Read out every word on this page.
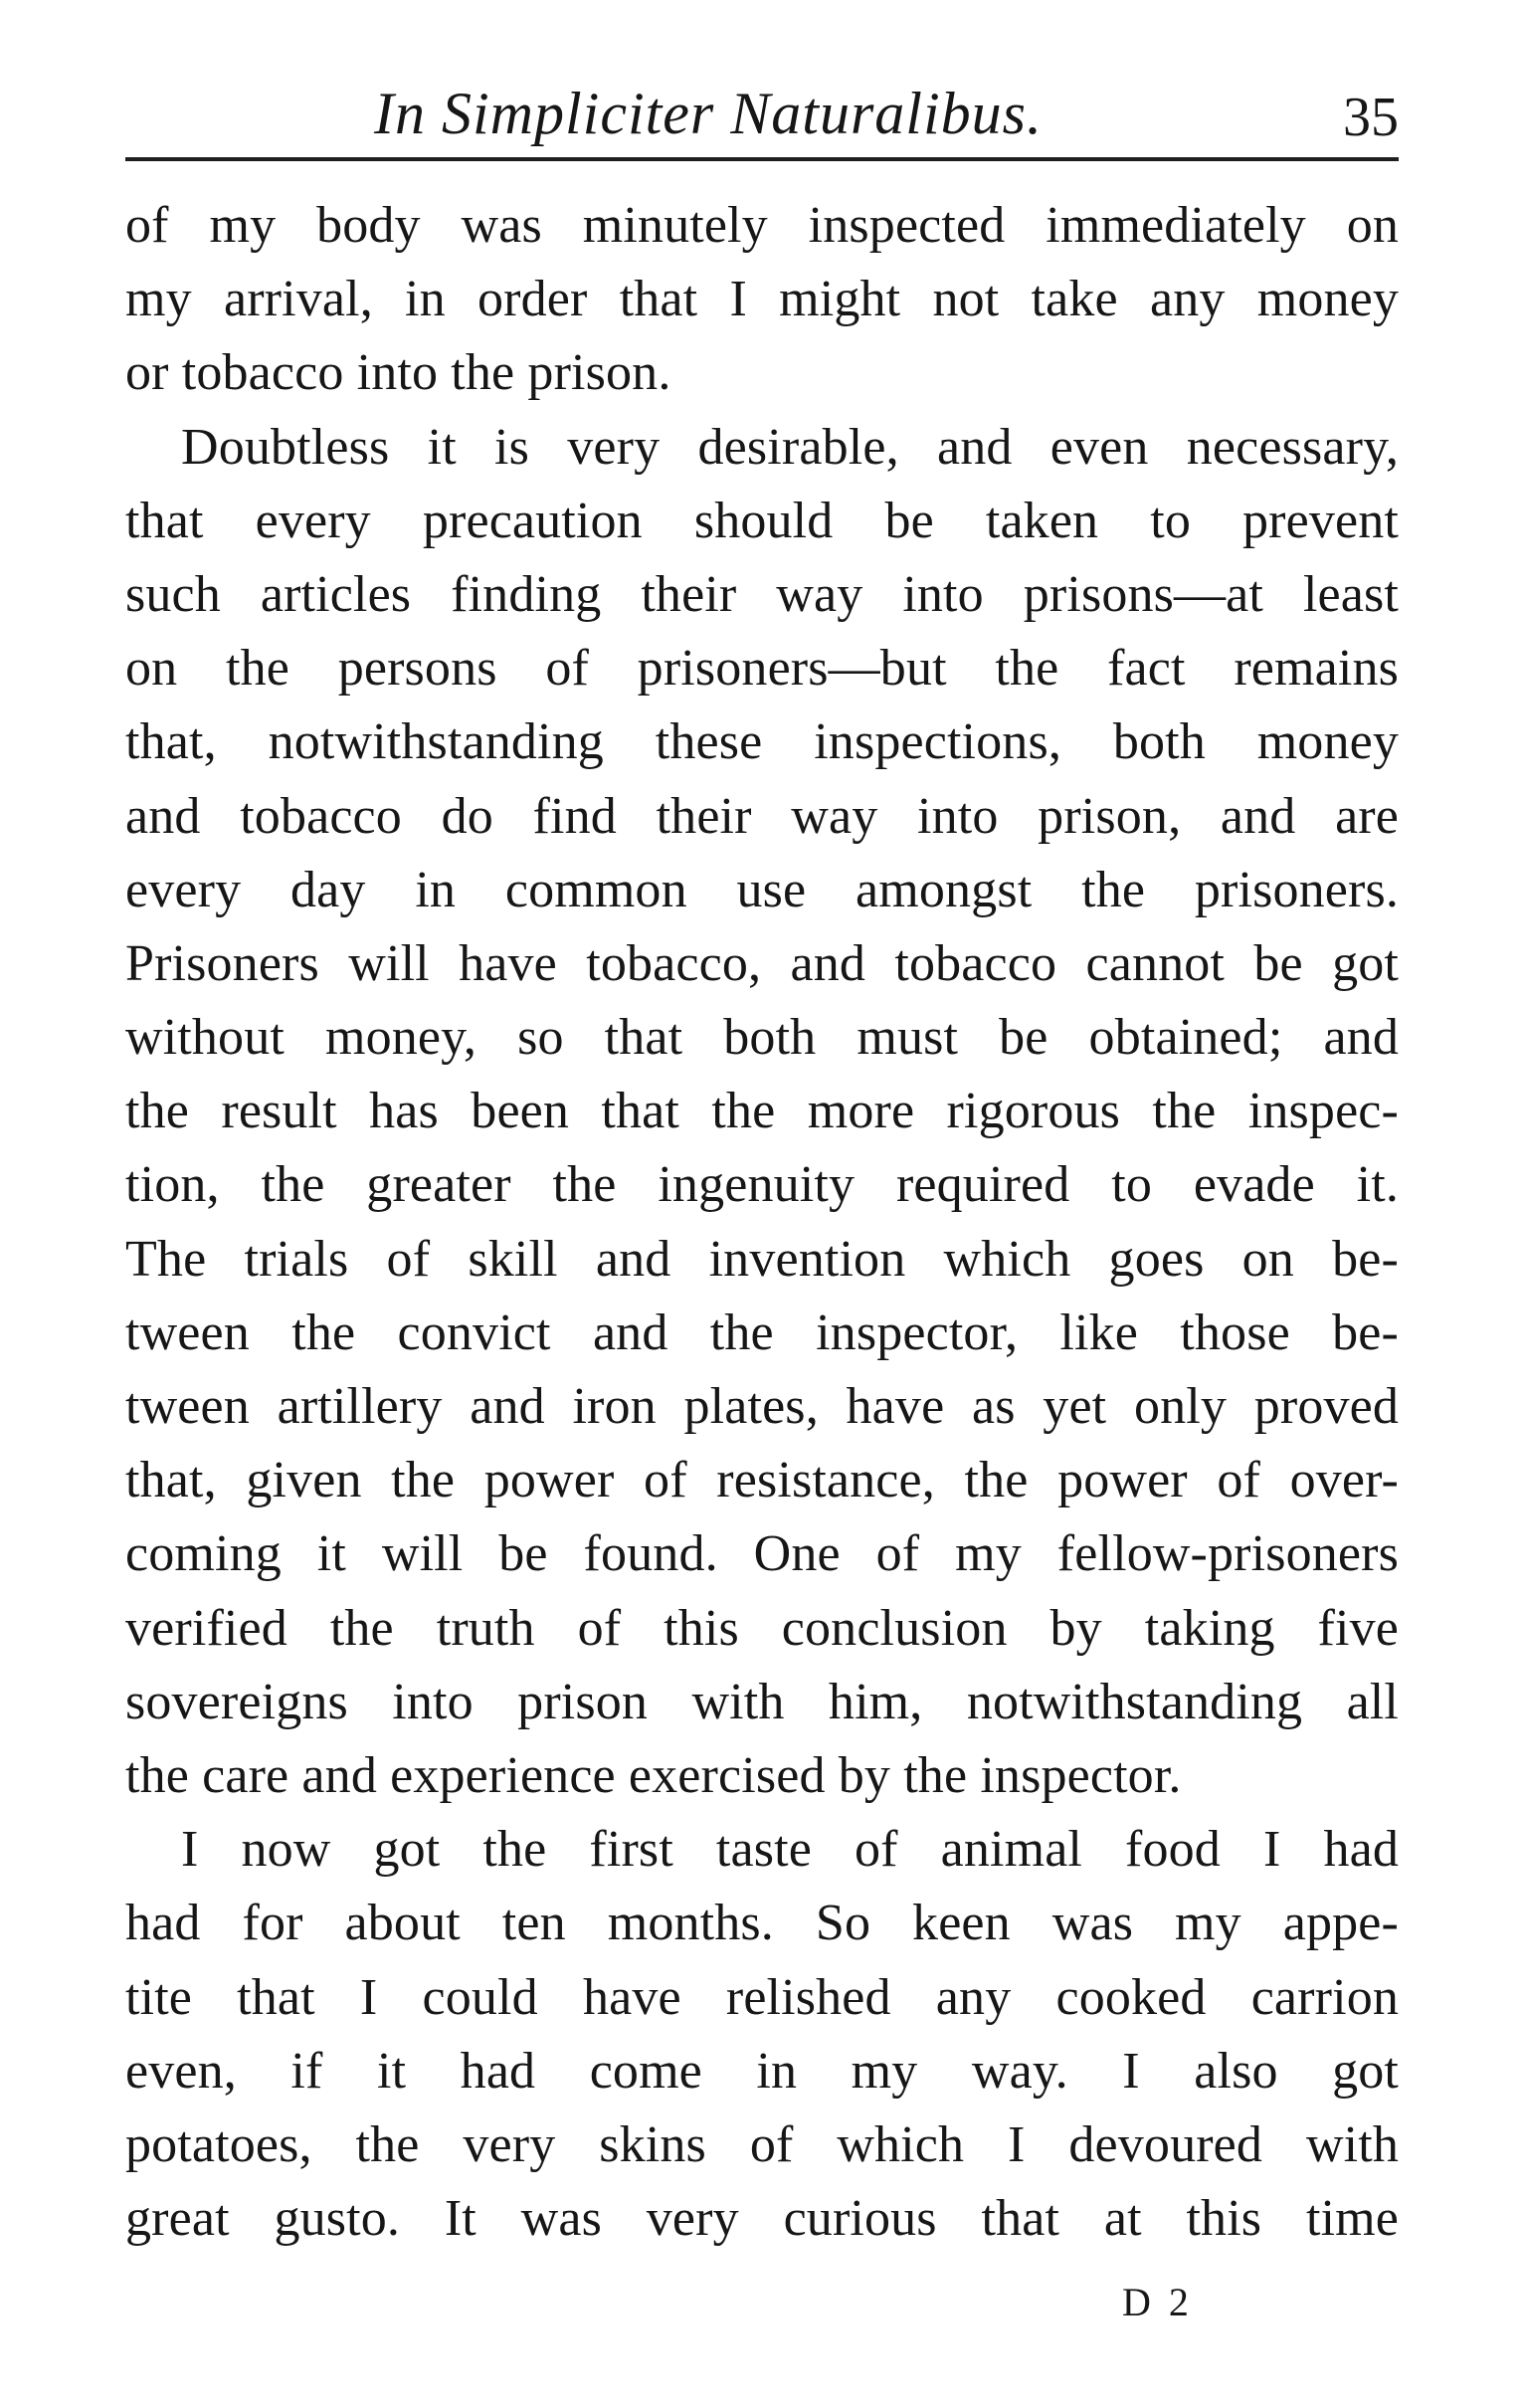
In Simpliciter Naturalibus.	35
of my body was minutely inspected immediately on
my arrival, in order that I might not take any money
or tobacco into the prison.
Doubtless it is very desirable, and even necessary,
that every precaution should be taken to prevent
such articles finding their way into prisons—at least
on the persons of prisoners—but the fact remains
that, notwithstanding these inspections, both money
and tobacco do find their way into prison, and are
every day in common use amongst the prisoners.
Prisoners will have tobacco, and tobacco cannot be got
without money, so that both must be obtained; and
the result has been that the more rigorous the inspec-
tion, the greater the ingenuity required to evade it.
The trials of skill and invention which goes on be-
tween the convict and the inspector, like those be-
tween artillery and iron plates, have as yet only proved
that, given the power of resistance, the power of over-
coming it will be found. One of my fellow-prisoners
verified the truth of this conclusion by taking five
sovereigns into prison with him, notwithstanding all
the care and experience exercised by the inspector.
I now got the first taste of animal food I had
had for about ten months. So keen was my appe-
tite that I could have relished any cooked carrion
even, if it had come in my way. I also got
potatoes, the very skins of which I devoured with
great gusto. It was very curious that at this time
D 2
